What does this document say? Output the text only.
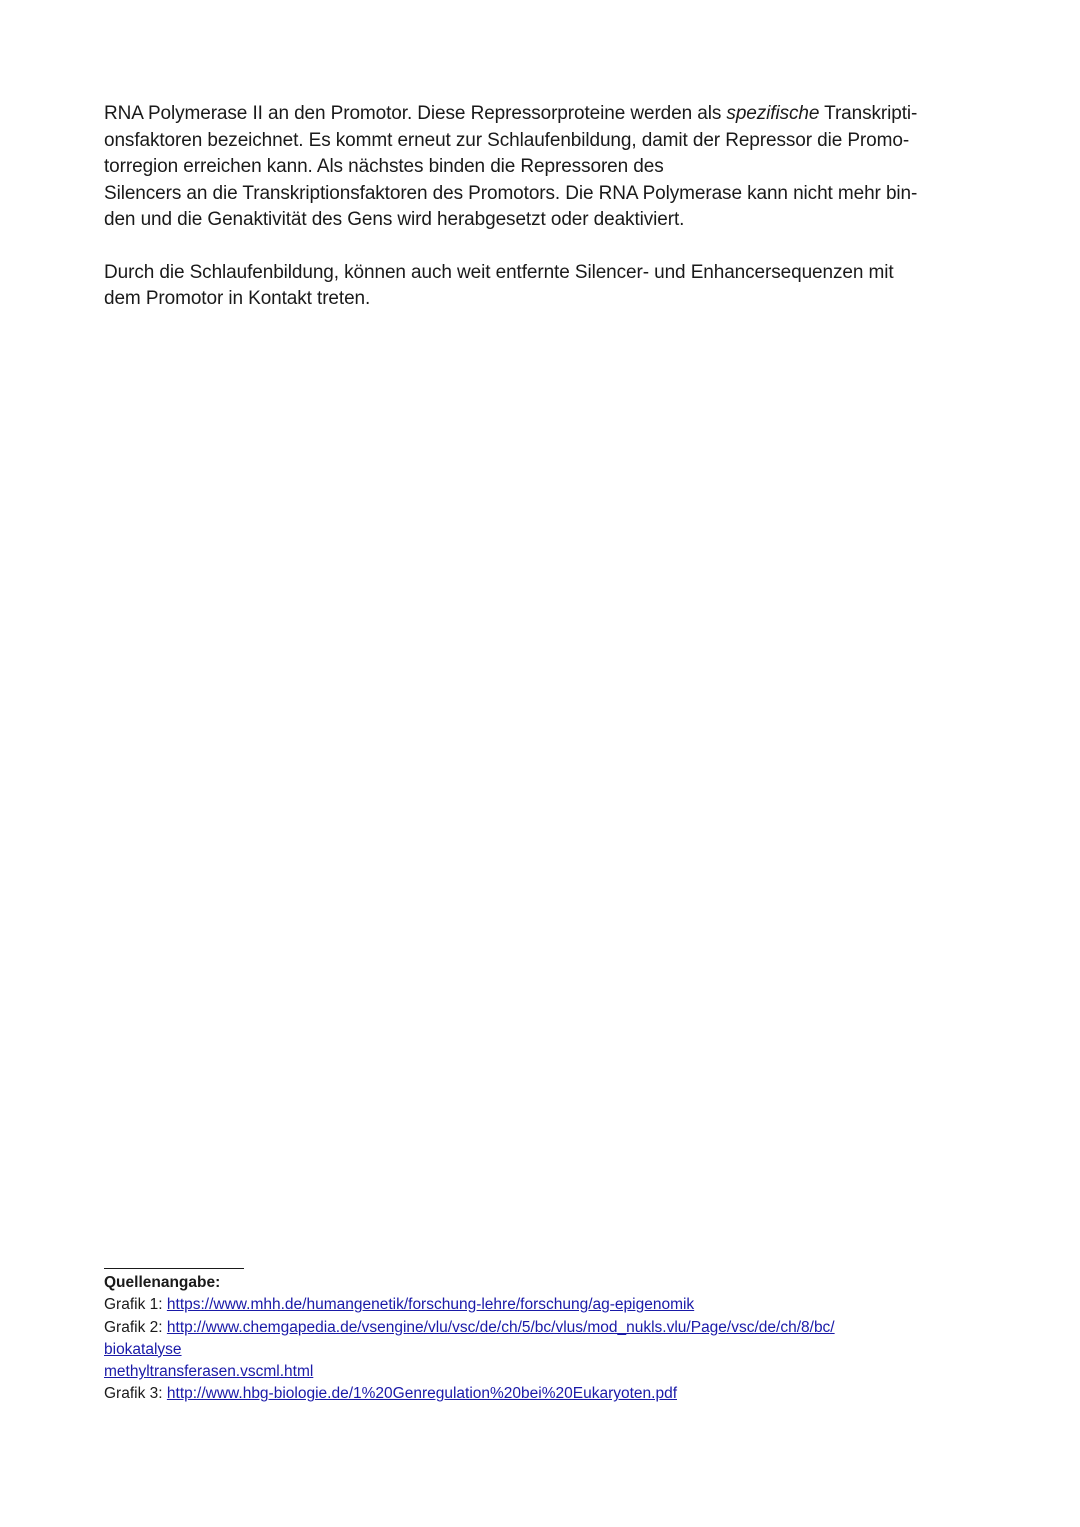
RNA Polymerase II an den Promotor. Diese Repressorproteine werden als spezifische Transkripti-
onsfaktoren bezeichnet. Es kommt erneut zur Schlaufenbildung, damit der Repressor die Promo-
torregion erreichen kann. Als nächstes binden die Repressoren des
Silencers an die Transkriptionsfaktoren des Promotors. Die RNA Polymerase kann nicht mehr bin-
den und die Genaktivität des Gens wird herabgesetzt oder deaktiviert.
Durch die Schlaufenbildung, können auch weit entfernte Silencer- und Enhancersequenzen mit
dem Promotor in Kontakt treten.
Quellenangabe:
Grafik 1: https://www.mhh.de/humangenetik/forschung-lehre/forschung/ag-epigenomik
Grafik 2: http://www.chemgapedia.de/vsengine/vlu/vsc/de/ch/5/bc/vlus/mod_nukls.vlu/Page/vsc/de/ch/8/bc/
biokatalyse
methyltransferasen.vscml.html
Grafik 3: http://www.hbg-biologie.de/1%20Genregulation%20bei%20Eukaryoten.pdf
